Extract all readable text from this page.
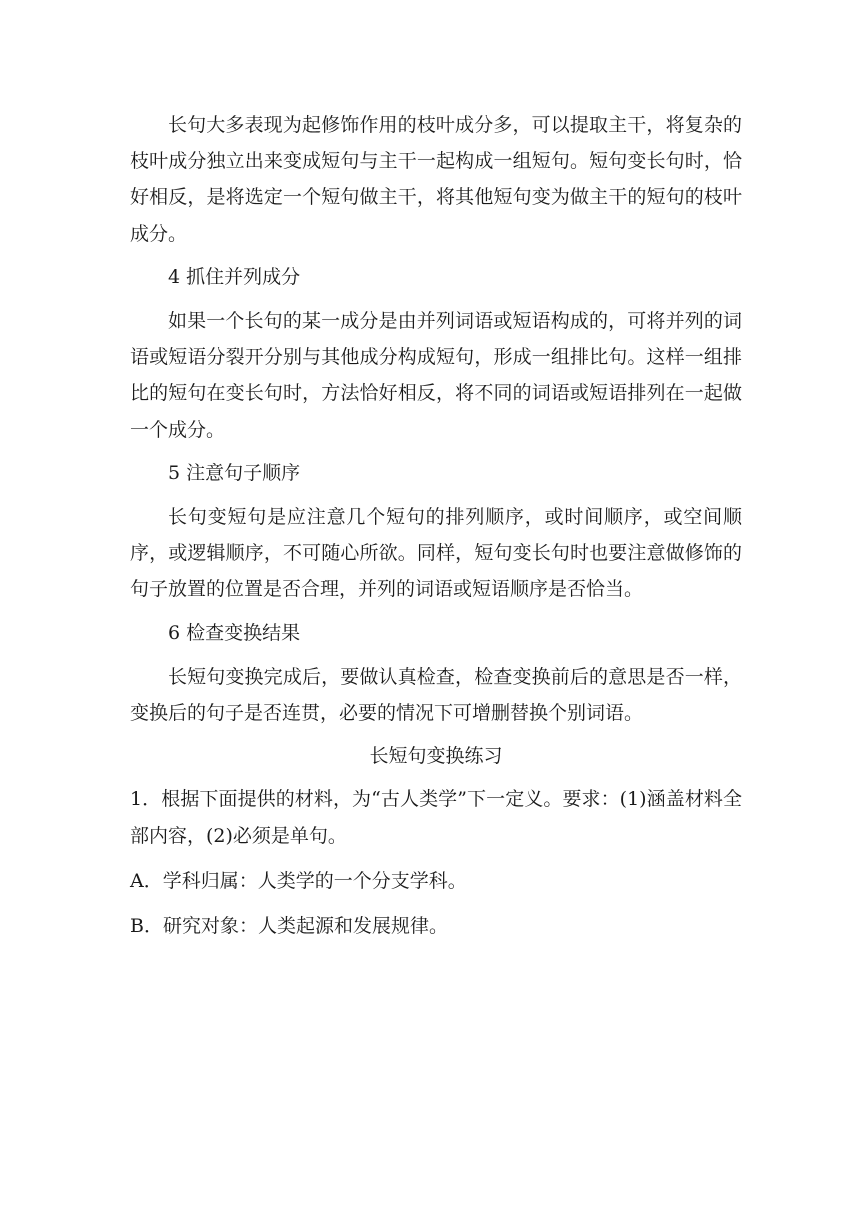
长句大多表现为起修饰作用的枝叶成分多，可以提取主干，将复杂的枝叶成分独立出来变成短句与主干一起构成一组短句。短句变长句时，恰好相反，是将选定一个短句做主干，将其他短句变为做主干的短句的枝叶成分。

4 抓住并列成分

如果一个长句的某一成分是由并列词语或短语构成的，可将并列的词语或短语分裂开分别与其他成分构成短句，形成一组排比句。这样一组排比的短句在变长句时，方法恰好相反，将不同的词语或短语排列在一起做一个成分。

5 注意句子顺序

长句变短句是应注意几个短句的排列顺序，或时间顺序，或空间顺序，或逻辑顺序，不可随心所欲。同样，短句变长句时也要注意做修饰的句子放置的位置是否合理，并列的词语或短语顺序是否恰当。

6 检查变换结果

长短句变换完成后，要做认真检查，检查变换前后的意思是否一样，变换后的句子是否连贯，必要的情况下可增删替换个别词语。

长短句变换练习

1．根据下面提供的材料，为“古人类学”下一定义。要求：(1)涵盖材料全部内容，(2)必须是单句。

A．学科归属：人类学的一个分支学科。

B．研究对象：人类起源和发展规律。
